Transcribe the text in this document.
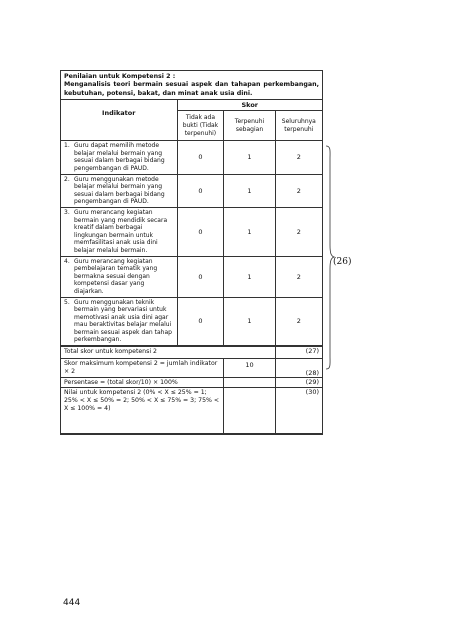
Penilaian untuk Kompetensi 2 :
Menganalisis teori bermain sesuai aspek dan tahapan perkembangan, kebutuhan, potensi, bakat, dan minat anak usia dini.
Indikator	Skor		
	Tidak ada bukti (Tidak terpenuhi)	Terpenuhi sebagian	Seluruhnya terpenuhi

1. Guru dapat memilih metode belajar melalui bermain yang sesuai dalam berbagai bidang pengembangan di PAUD.	0	1	2

2. Guru menggunakan metode belajar melalui bermain yang sesuai dalam berbagai bidang pengembangan di PAUD.	0	1	2

3. Guru merancang kegiatan bermain yang mendidik secara kreatif dalam berbagai lingkungan bermain untuk memfasilitasi anak usia dini belajar melalui bermain.	0	1	2

4. Guru merancang kegiatan pembelajaran tematik yang bermakna sesuai dengan kompetensi dasar yang diajarkan.	0	1	2

5. Guru menggunakan teknik bermain yang bervariasi untuk memotivasi anak usia dini agar mau beraktivitas belajar melalui bermain sesuai aspek dan tahap perkembangan.	0	1	2
Total skor untuk kompetensi 2		(27)
Skor maksimum kompetensi 2 = jumlah indikator × 2	10	(28)
Persentase = (total skor/10) × 100%		(29)
Nilai untuk kompetensi 2 (0% < X ≤ 25% = 1; 25% < X ≤ 50% = 2; 50% < X ≤ 75% = 3; 75% < X ≤ 100% = 4)		(30)
(26)
444
